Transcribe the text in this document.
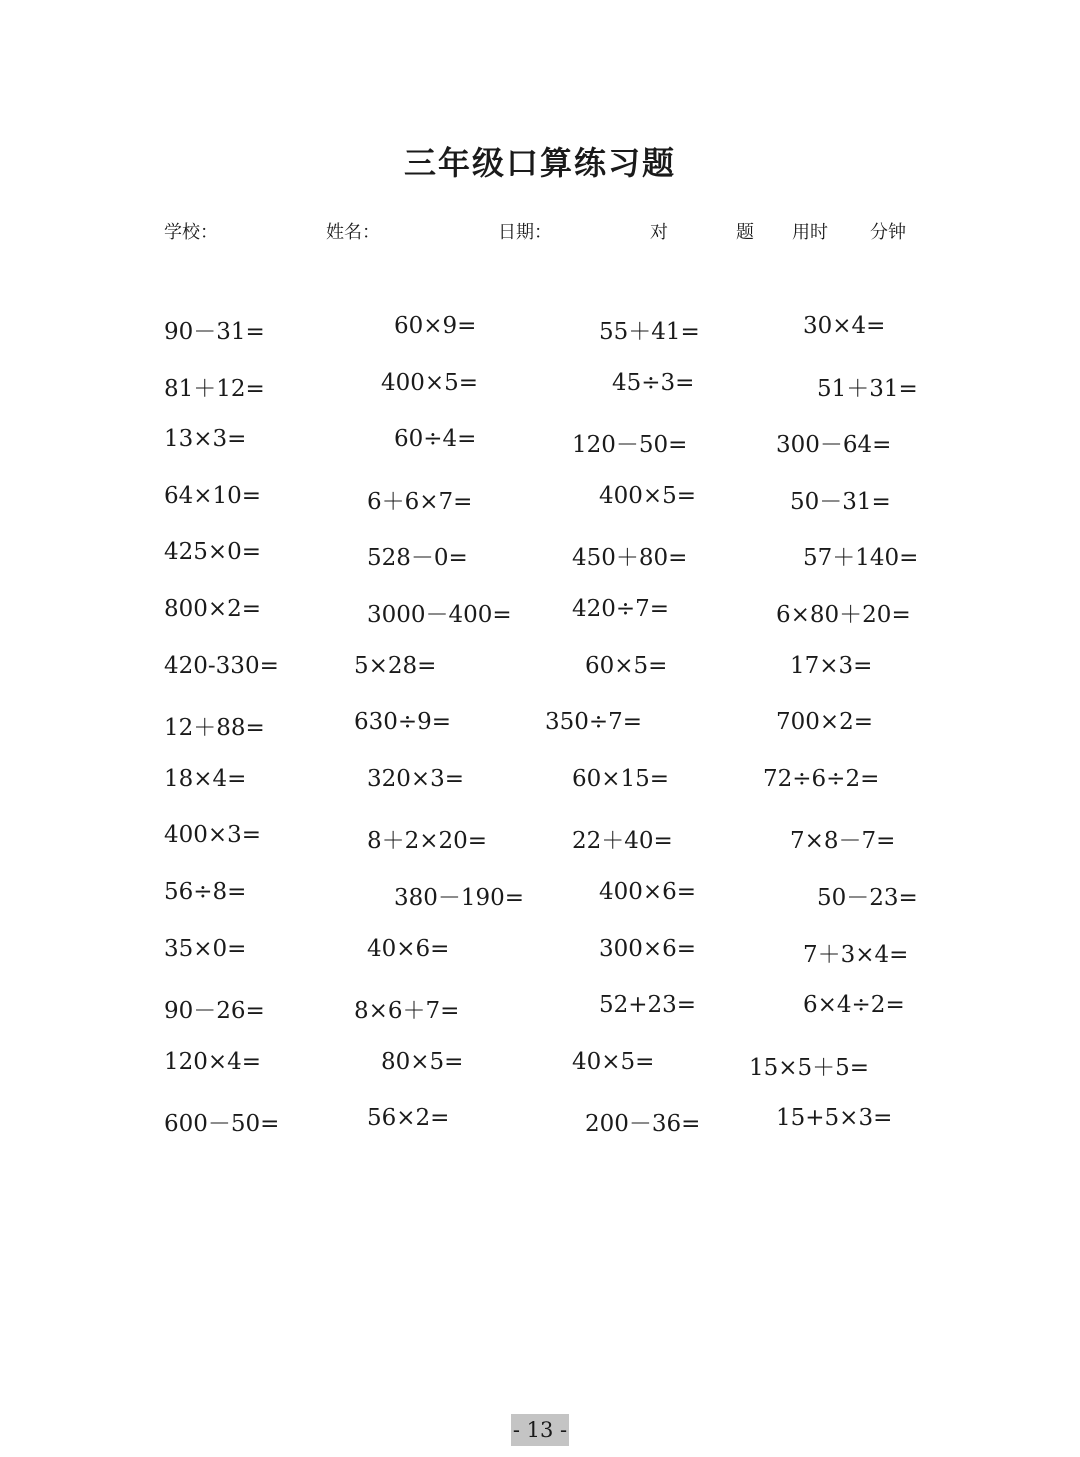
三年级口算练习题
学校：	姓名：	日期：	对	题 用时 分钟
90－31=	60×9=	55＋41=	30×4=
81＋12=	400×5=	45÷3=	51＋31=
13×3=	60÷4=	120－50=	300－64=
64×10=	6＋6×7=	400×5=	50－31=
425×0=	528－0=	450＋80=	57＋140=
800×2=	3000－400=	420÷7=	6×80＋20=
420-330=	5×28=	60×5=	17×3=
12＋88=	630÷9=	350÷7=	700×2=
18×4=	320×3=	60×15=	72÷6÷2=
400×3=	8＋2×20=	22＋40=	7×8－7=
56÷8=	380－190=	400×6=	50－23=
35×0=	40×6=	300×6=	7＋3×4=
90－26=	8×6＋7=	52+23=	6×4÷2=
120×4=	80×5=	40×5=	15×5＋5=
600－50=	56×2=	200－36=	15+5×3=
- 13 -
